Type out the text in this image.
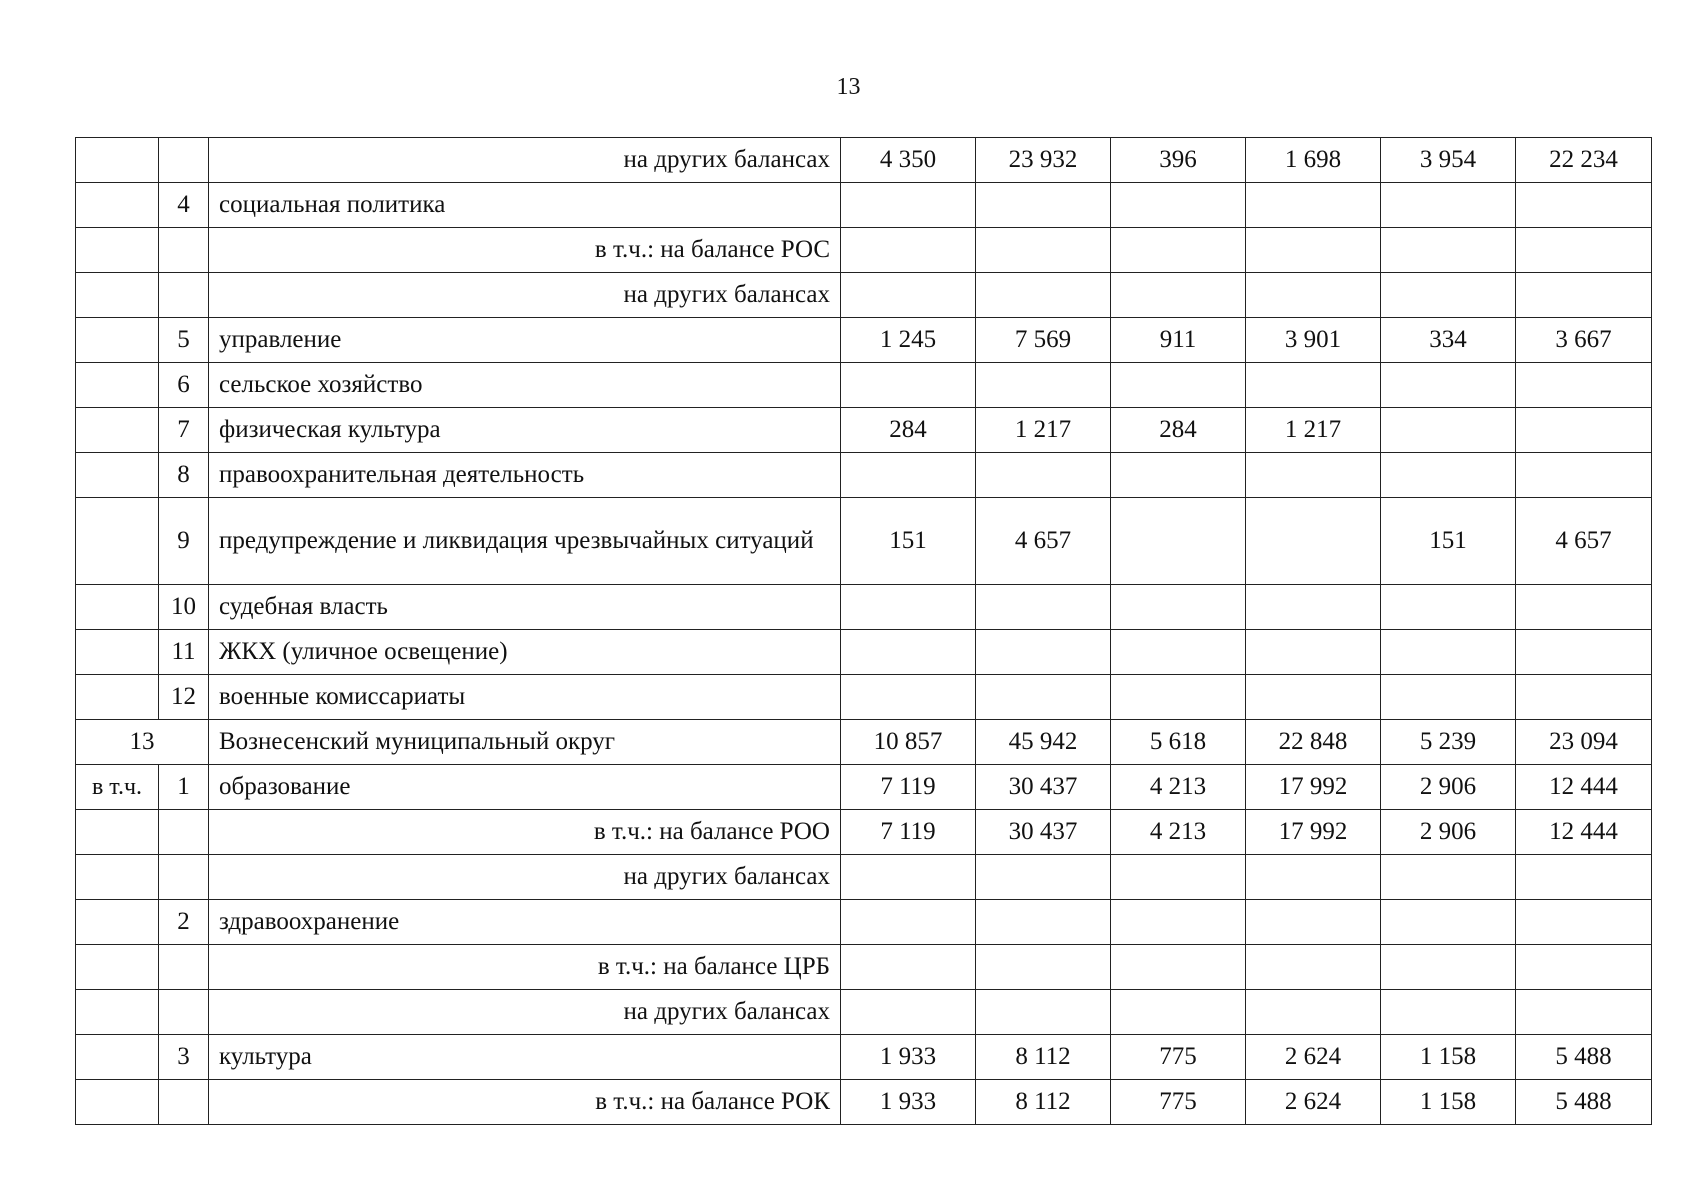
13
		на других балансах	4 350	23 932	396	1 698	3 954	22 234
	4	социальная политика						
		в т.ч.: на балансе РОС						
		на других балансах						
	5	управление	1 245	7 569	911	3 901	334	3 667
	6	сельское хозяйство						
	7	физическая культура	284	1 217	284	1 217		
	8	правоохранительная деятельность						
	9	предупреждение и ликвидация чрезвычайных ситуаций	151	4 657			151	4 657
	10	судебная власть						
	11	ЖКХ (уличное освещение)						
	12	военные комиссариаты						
13		Вознесенский муниципальный округ	10 857	45 942	5 618	22 848	5 239	23 094
в т.ч.	1	образование	7 119	30 437	4 213	17 992	2 906	12 444
		в т.ч.: на балансе РОО	7 119	30 437	4 213	17 992	2 906	12 444
		на других балансах						
	2	здравоохранение						
		в т.ч.: на балансе ЦРБ						
		на других балансах						
	3	культура	1 933	8 112	775	2 624	1 158	5 488
		в т.ч.: на балансе РОК	1 933	8 112	775	2 624	1 158	5 488
